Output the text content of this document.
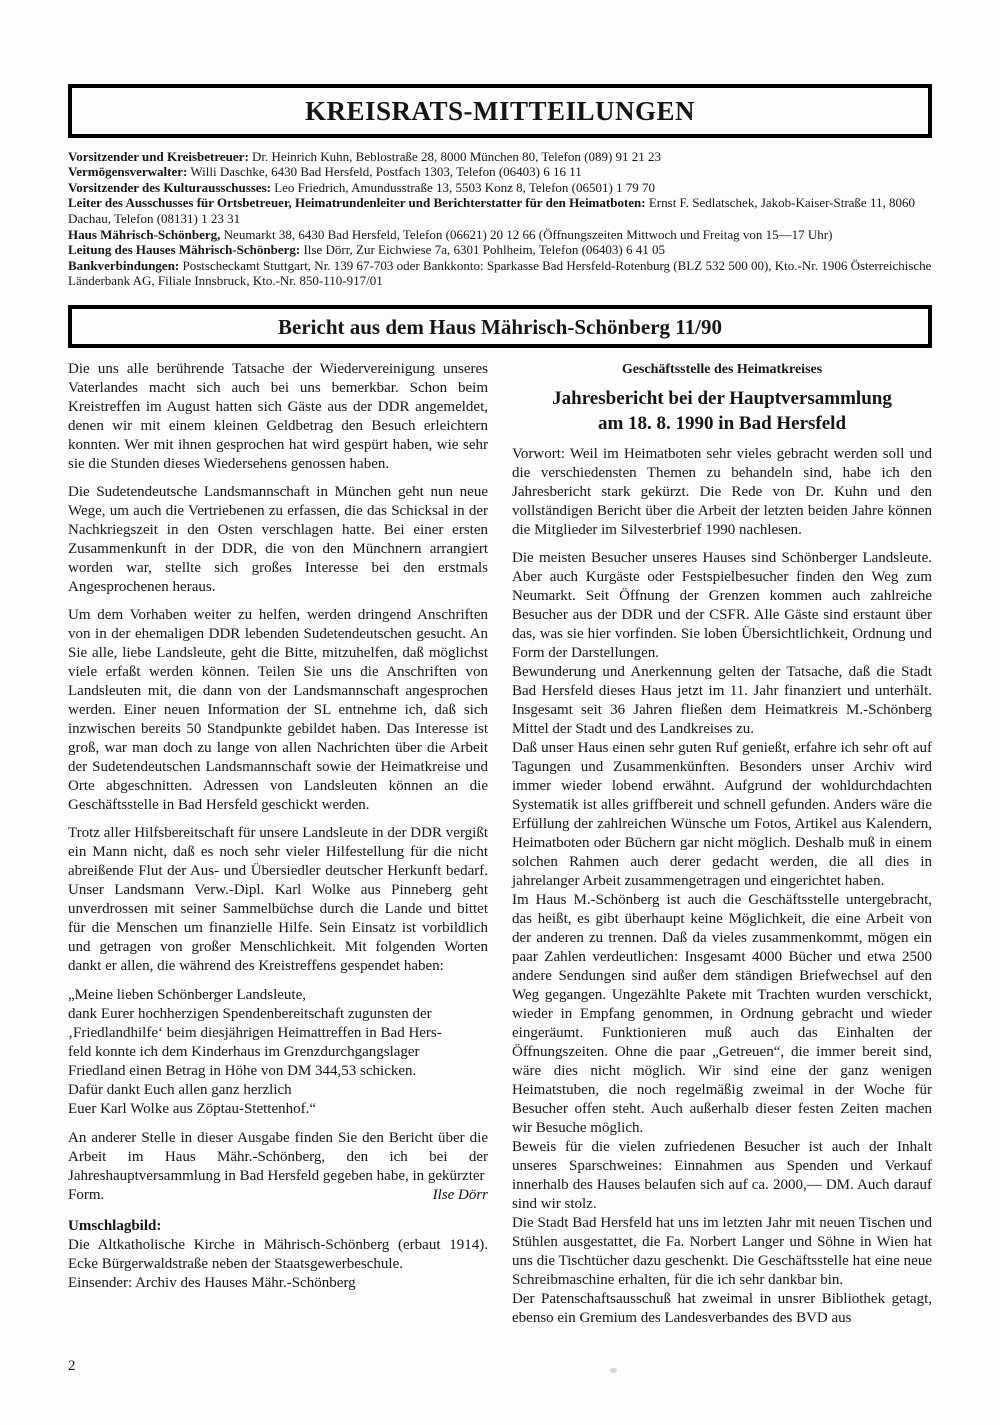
KREISRATS-MITTEILUNGEN

Vorsitzender und Kreisbetreuer: Dr. Heinrich Kuhn, Beblostraße 28, 8000 München 80, Telefon (089) 91 21 23

Vermögensverwalter: Willi Daschke, 6430 Bad Hersfeld, Postfach 1303, Telefon (06403) 6 16 11

Vorsitzender des Kulturausschusses: Leo Friedrich, Amundusstraße 13, 5503 Konz 8, Telefon (06501) 1 79 70

Leiter des Ausschusses für Ortsbetreuer, Heimatrundenleiter und Berichterstatter für den Heimatboten: Ernst F. Sedlatschek, Jakob-Kaiser-Straße 11, 8060 Dachau, Telefon (08131) 1 23 31

Haus Mährisch-Schönberg, Neumarkt 38, 6430 Bad Hersfeld, Telefon (06621) 20 12 66 (Öffnungszeiten Mittwoch und Freitag von 15—17 Uhr)

Leitung des Hauses Mährisch-Schönberg: Ilse Dörr, Zur Eichwiese 7a, 6301 Pohlheim, Telefon (06403) 6 41 05

Bankverbindungen: Postscheckamt Stuttgart, Nr. 139 67-703 oder Bankkonto: Sparkasse Bad Hersfeld-Rotenburg (BLZ 532 500 00), Kto.-Nr. 1906 Österreichische Länderbank AG, Filiale Innsbruck, Kto.-Nr. 850-110-917/01

Bericht aus dem Haus Mährisch-Schönberg 11/90

Die uns alle berührende Tatsache der Wiedervereinigung unseres Vaterlandes macht sich auch bei uns bemerkbar. Schon beim Kreistreffen im August hatten sich Gäste aus der DDR angemeldet, denen wir mit einem kleinen Geldbetrag den Besuch erleichtern konnten. Wer mit ihnen gesprochen hat wird gespürt haben, wie sehr sie die Stunden dieses Wiedersehens genossen haben.

Die Sudetendeutsche Landsmannschaft in München geht nun neue Wege, um auch die Vertriebenen zu erfassen, die das Schicksal in der Nachkriegszeit in den Osten verschlagen hatte. Bei einer ersten Zusammenkunft in der DDR, die von den Münchnern arrangiert worden war, stellte sich großes Interesse bei den erstmals Angesprochenen heraus.

Um dem Vorhaben weiter zu helfen, werden dringend Anschriften von in der ehemaligen DDR lebenden Sudetendeutschen gesucht. An Sie alle, liebe Landsleute, geht die Bitte, mitzuhelfen, daß möglichst viele erfaßt werden können. Teilen Sie uns die Anschriften von Landsleuten mit, die dann von der Landsmannschaft angesprochen werden. Einer neuen Information der SL entnehme ich, daß sich inzwischen bereits 50 Standpunkte gebildet haben. Das Interesse ist groß, war man doch zu lange von allen Nachrichten über die Arbeit der Sudetendeutschen Landsmannschaft sowie der Heimatkreise und Orte abgeschnitten. Adressen von Landsleuten können an die Geschäftsstelle in Bad Hersfeld geschickt werden.

Trotz aller Hilfsbereitschaft für unsere Landsleute in der DDR vergißt ein Mann nicht, daß es noch sehr vieler Hilfestellung für die nicht abreißende Flut der Aus- und Übersiedler deutscher Herkunft bedarf. Unser Landsmann Verw.-Dipl. Karl Wolke aus Pinneberg geht unverdrossen mit seiner Sammelbüchse durch die Lande und bittet für die Menschen um finanzielle Hilfe. Sein Einsatz ist vorbildlich und getragen von großer Menschlichkeit. Mit folgenden Worten dankt er allen, die während des Kreistreffens gespendet haben:

„Meine lieben Schönberger Landsleute,
dank Eurer hochherzigen Spendenbereitschaft zugunsten der
‚Friedlandhilfe‘ beim diesjährigen Heimattreffen in Bad Hers-
feld konnte ich dem Kinderhaus im Grenzdurchgangslager
Friedland einen Betrag in Höhe von DM 344,53 schicken.
Dafür dankt Euch allen ganz herzlich
Euer Karl Wolke aus Zöptau-Stettenhof.“

An anderer Stelle in dieser Ausgabe finden Sie den Bericht über die Arbeit im Haus Mähr.-Schönberg, den ich bei der Jahreshauptversammlung in Bad Hersfeld gegeben habe, in gekürzter

Form.	Ilse Dörr

Umschlagbild:

Die Altkatholische Kirche in Mährisch-Schönberg (erbaut 1914). Ecke Bürgerwaldstraße neben der Staatsgewerbeschule.

Einsender: Archiv des Hauses Mähr.-Schönberg

Geschäftsstelle des Heimatkreises

Jahresbericht bei der Hauptversammlung
am 18. 8. 1990 in Bad Hersfeld

Vorwort: Weil im Heimatboten sehr vieles gebracht werden soll und die verschiedensten Themen zu behandeln sind, habe ich den Jahresbericht stark gekürzt. Die Rede von Dr. Kuhn und den vollständigen Bericht über die Arbeit der letzten beiden Jahre können die Mitglieder im Silvesterbrief 1990 nachlesen.

Die meisten Besucher unseres Hauses sind Schönberger Landsleute. Aber auch Kurgäste oder Festspielbesucher finden den Weg zum Neumarkt. Seit Öffnung der Grenzen kommen auch zahlreiche Besucher aus der DDR und der CSFR. Alle Gäste sind erstaunt über das, was sie hier vorfinden. Sie loben Übersichtlichkeit, Ordnung und Form der Darstellungen.

Bewunderung und Anerkennung gelten der Tatsache, daß die Stadt Bad Hersfeld dieses Haus jetzt im 11. Jahr finanziert und unterhält. Insgesamt seit 36 Jahren fließen dem Heimatkreis M.-Schönberg Mittel der Stadt und des Landkreises zu.

Daß unser Haus einen sehr guten Ruf genießt, erfahre ich sehr oft auf Tagungen und Zusammenkünften. Besonders unser Archiv wird immer wieder lobend erwähnt. Aufgrund der wohldurchdachten Systematik ist alles griffbereit und schnell gefunden. Anders wäre die Erfüllung der zahlreichen Wünsche um Fotos, Artikel aus Kalendern, Heimatboten oder Büchern gar nicht möglich. Deshalb muß in einem solchen Rahmen auch derer gedacht werden, die all dies in jahrelanger Arbeit zusammengetragen und eingerichtet haben.

Im Haus M.-Schönberg ist auch die Geschäftsstelle untergebracht, das heißt, es gibt überhaupt keine Möglichkeit, die eine Arbeit von der anderen zu trennen. Daß da vieles zusammenkommt, mögen ein paar Zahlen verdeutlichen: Insgesamt 4000 Bücher und etwa 2500 andere Sendungen sind außer dem ständigen Briefwechsel auf den Weg gegangen. Ungezählte Pakete mit Trachten wurden verschickt, wieder in Empfang genommen, in Ordnung gebracht und wieder eingeräumt. Funktionieren muß auch das Einhalten der Öffnungszeiten. Ohne die paar „Getreuen“, die immer bereit sind, wäre dies nicht möglich. Wir sind eine der ganz wenigen Heimatstuben, die noch regelmäßig zweimal in der Woche für Besucher offen steht. Auch außerhalb dieser festen Zeiten machen wir Besuche möglich.

Beweis für die vielen zufriedenen Besucher ist auch der Inhalt unseres Sparschweines: Einnahmen aus Spenden und Verkauf innerhalb des Hauses belaufen sich auf ca. 2000,— DM. Auch darauf sind wir stolz.

Die Stadt Bad Hersfeld hat uns im letzten Jahr mit neuen Tischen und Stühlen ausgestattet, die Fa. Norbert Langer und Söhne in Wien hat uns die Tischtücher dazu geschenkt. Die Geschäftsstelle hat eine neue Schreibmaschine erhalten, für die ich sehr dankbar bin.

Der Patenschaftsausschuß hat zweimal in unsrer Bibliothek getagt, ebenso ein Gremium des Landesverbandes des BVD aus

2
